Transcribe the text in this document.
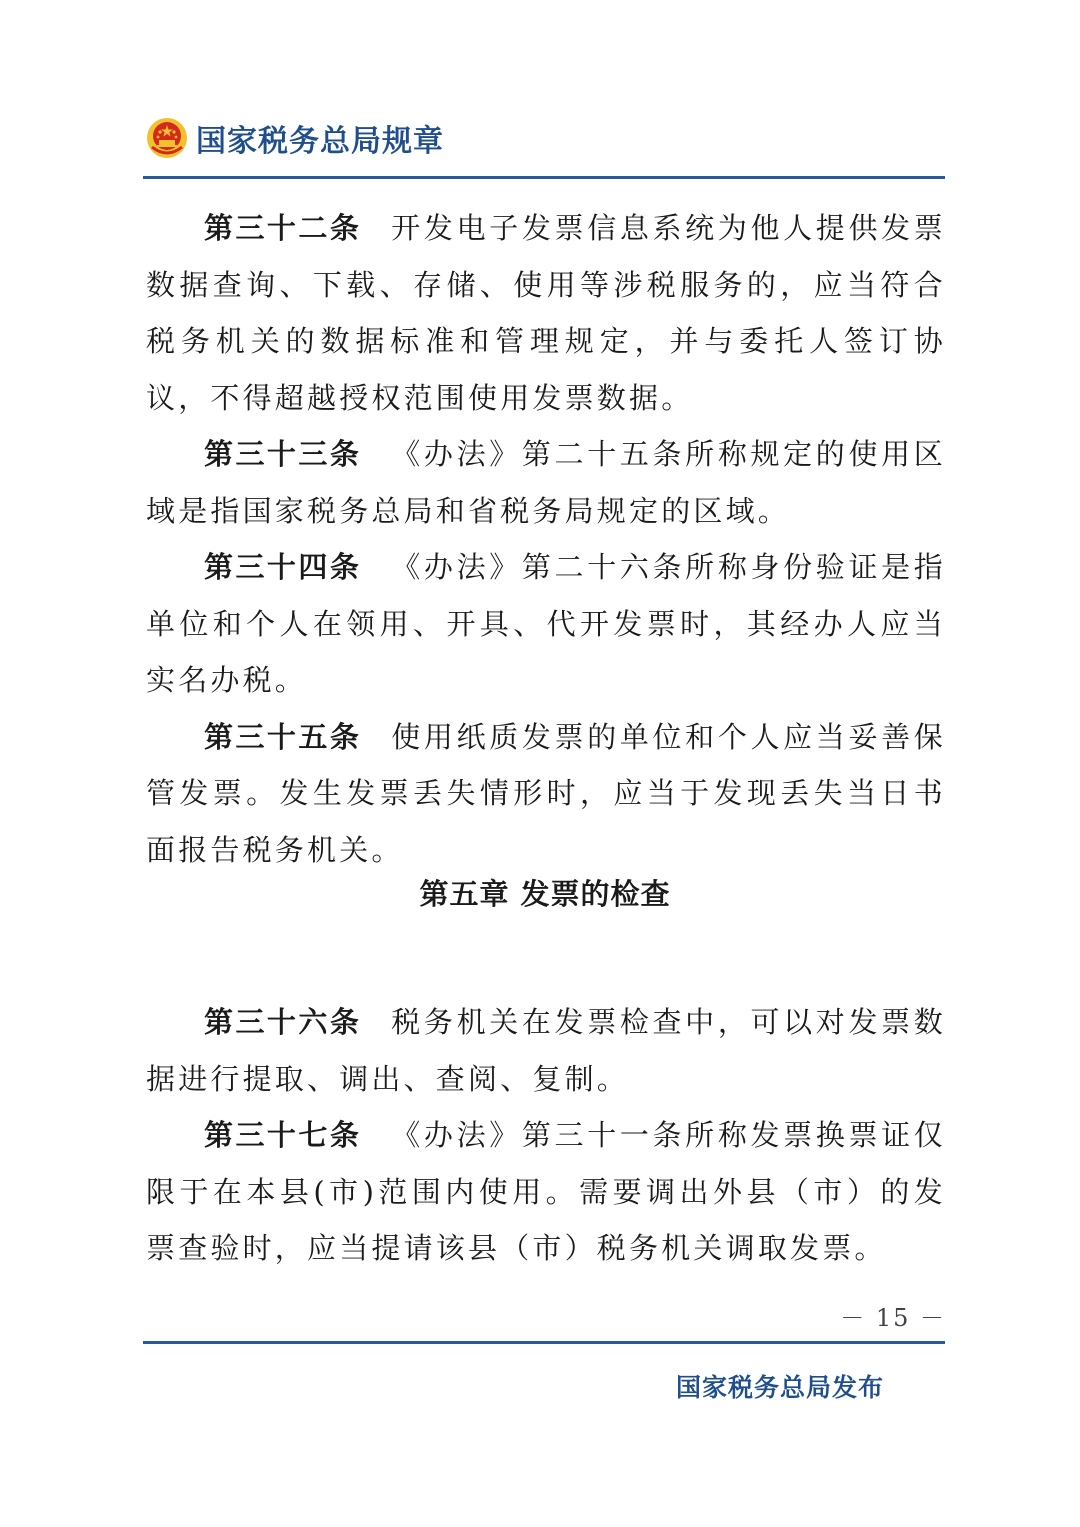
国家税务总局规章

第三十二条 开发电子发票信息系统为他人提供发票数据查询、下载、存储、使用等涉税服务的，应当符合税务机关的数据标准和管理规定，并与委托人签订协议，不得超越授权范围使用发票数据。

第三十三条 《办法》第二十五条所称规定的使用区域是指国家税务总局和省税务局规定的区域。

第三十四条 《办法》第二十六条所称身份验证是指单位和个人在领用、开具、代开发票时，其经办人应当实名办税。

第三十五条 使用纸质发票的单位和个人应当妥善保管发票。发生发票丢失情形时，应当于发现丢失当日书面报告税务机关。

第五章 发票的检查

第三十六条 税务机关在发票检查中，可以对发票数据进行提取、调出、查阅、复制。

第三十七条 《办法》第三十一条所称发票换票证仅限于在本县(市)范围内使用。需要调出外县（市）的发票查验时，应当提请该县（市）税务机关调取发票。

－ 15 －
国家税务总局发布
